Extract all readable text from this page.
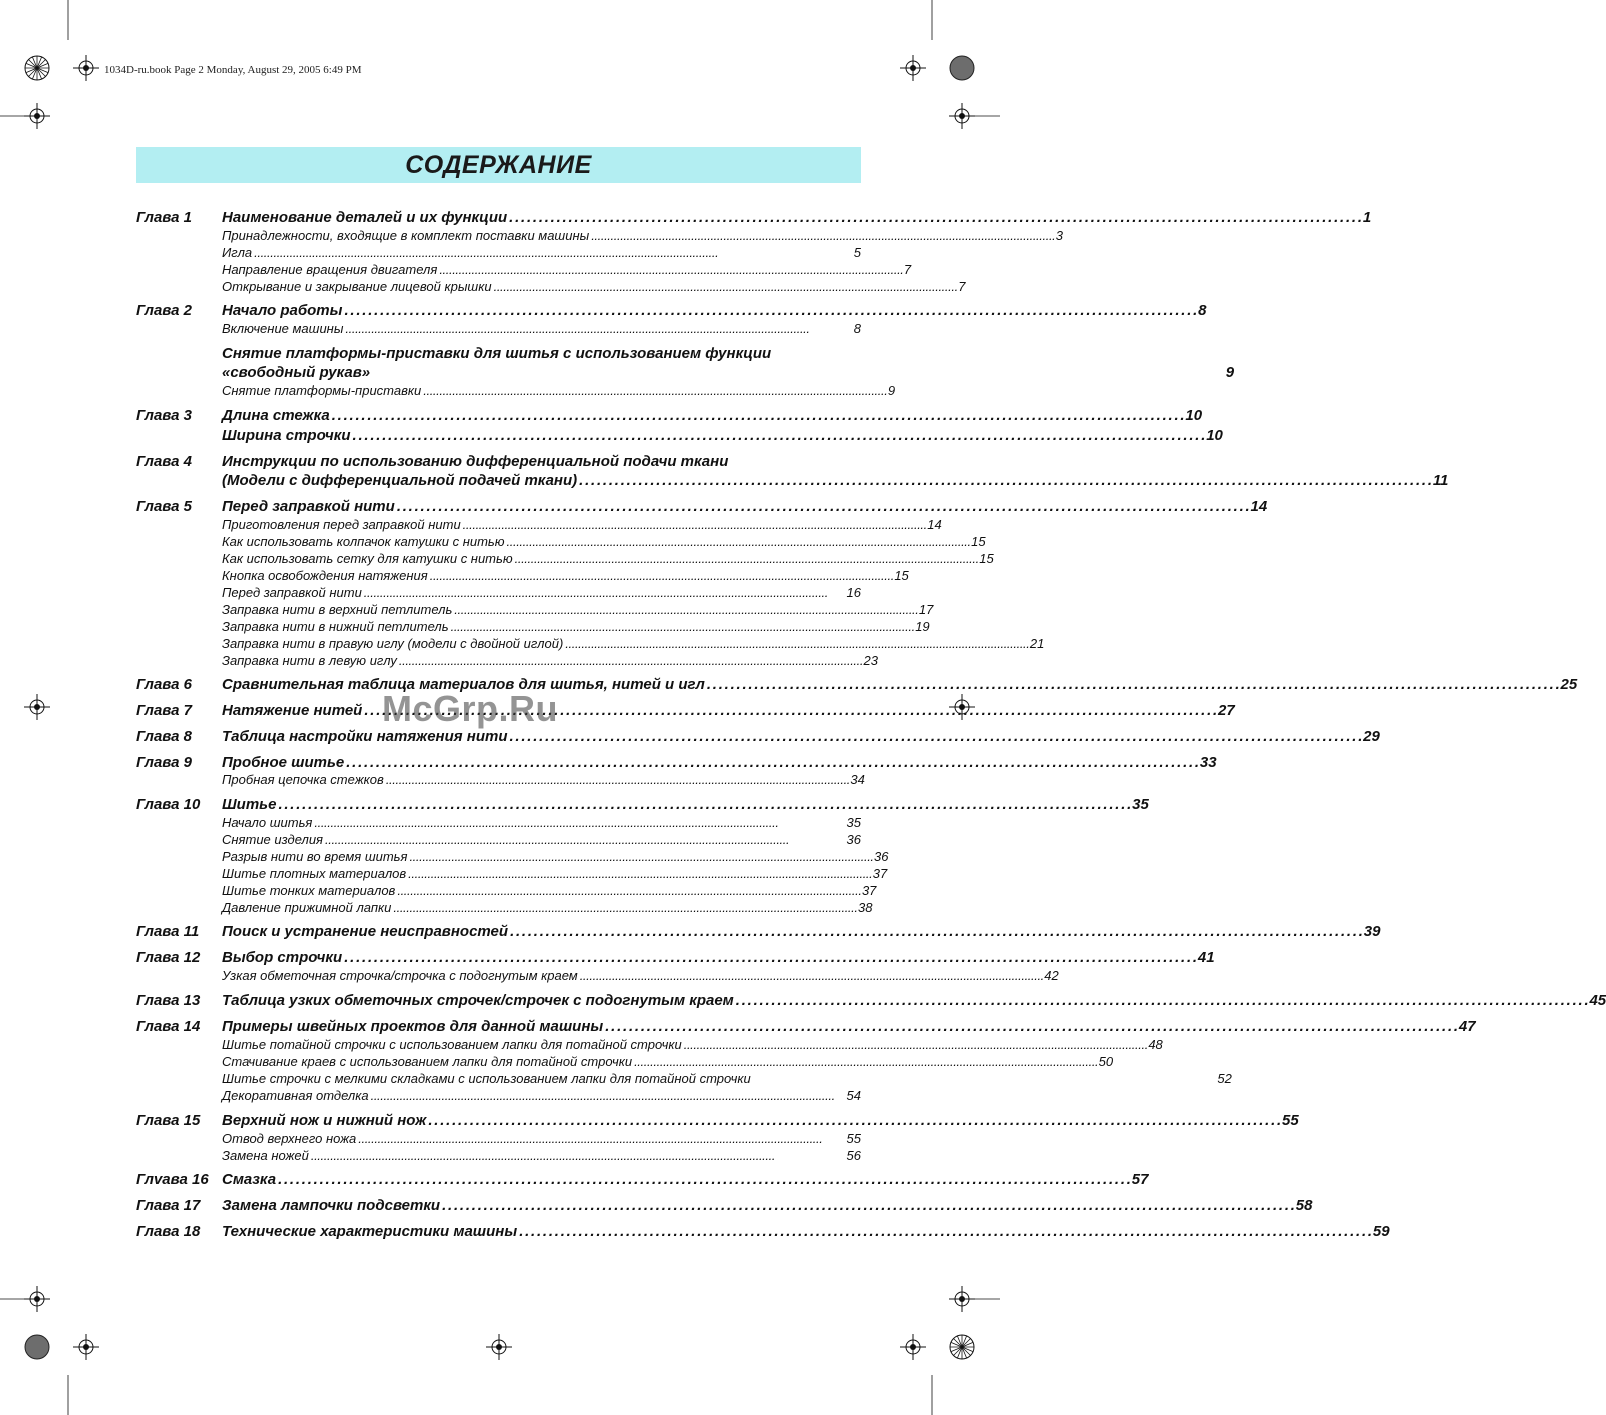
1034D-ru.book Page 2 Monday, August 29, 2005 6:49 PM
СОДЕРЖАНИЕ
Глава 1	Наименование деталей и их функции . . .	1
Принадлежности, входящие в комплект поставки машины . . .	3
Игла . . .	5
Направление вращения двигателя . . .	7
Открывание и закрывание лицевой крышки . . .	7
Глава 2	Начало работы . . .	8
Включение машины . . .	8
Снятие платформы-приставки для шитья с использованием функции
«свободный рукав»	9
Снятие платформы-приставки . . .	9
Глава 3	Длина стежка . . .	10
Ширина строчки . . .	10
Глава 4	Инструкции по использованию дифференциальной подачи ткани
(Модели с дифференциальной подачей ткани) . . .	11
Глава 5	Перед заправкой нити . . .	14
Приготовления перед заправкой нити . . .	14
Как использовать колпачок катушки с нитью . . .	15
Как использовать сетку для катушки с нитью . . .	15
Кнопка освобождения натяжения . . .	15
Перед заправкой нити . . .	16
Заправка нити в верхний петлитель . . .	17
Заправка нити в нижний петлитель . . .	19
Заправка нити в правую иглу (модели с двойной иглой) . . .	21
Заправка нити в левую иглу . . .	23
Глава 6	Сравнительная таблица материалов для шитья, нитей и игл . . .	25
Глава 7	Натяжение нитей . . .	27
Глава 8	Таблица настройки натяжения нити . . .	29
Глава 9	Пробное шитье . . .	33
Пробная цепочка стежков . . .	34
Глава 10	Шитье . . .	35
Начало шитья . . .	35
Снятие изделия . . .	36
Разрыв нити во время шитья . . .	36
Шитье плотных материалов . . .	37
Шитье тонких материалов . . .	37
Давление прижимной лапки . . .	38
Глава 11	Поиск и устранение неисправностей . . .	39
Глава 12	Выбор строчки . . .	41
Узкая обметочная строчка/строчка с подогнутым краем . . .	42
Глава 13	Таблица узких обметочных строчек/строчек с подогнутым краем . . .	45
Глава 14	Примеры швейных проектов для данной машины . . .	47
Шитье потайной строчки с использованием лапки для потайной строчки . . .	48
Стачивание краев с использованием лапки для потайной строчки . . .	50
Шитье строчки с мелкими складками с использованием лапки для потайной строчки	52
Декоративная отделка . . .	54
Глава 15	Верхний нож и нижний нож . . .	55
Отвод верхнего ножа . . .	55
Замена ножей . . .	56
Глvава 16 Смазка . . .	57
Глава 17	Замена лампочки подсветки . . .	58
Глава 18	Технические характеристики машины . . .	59
McGrp.Ru
